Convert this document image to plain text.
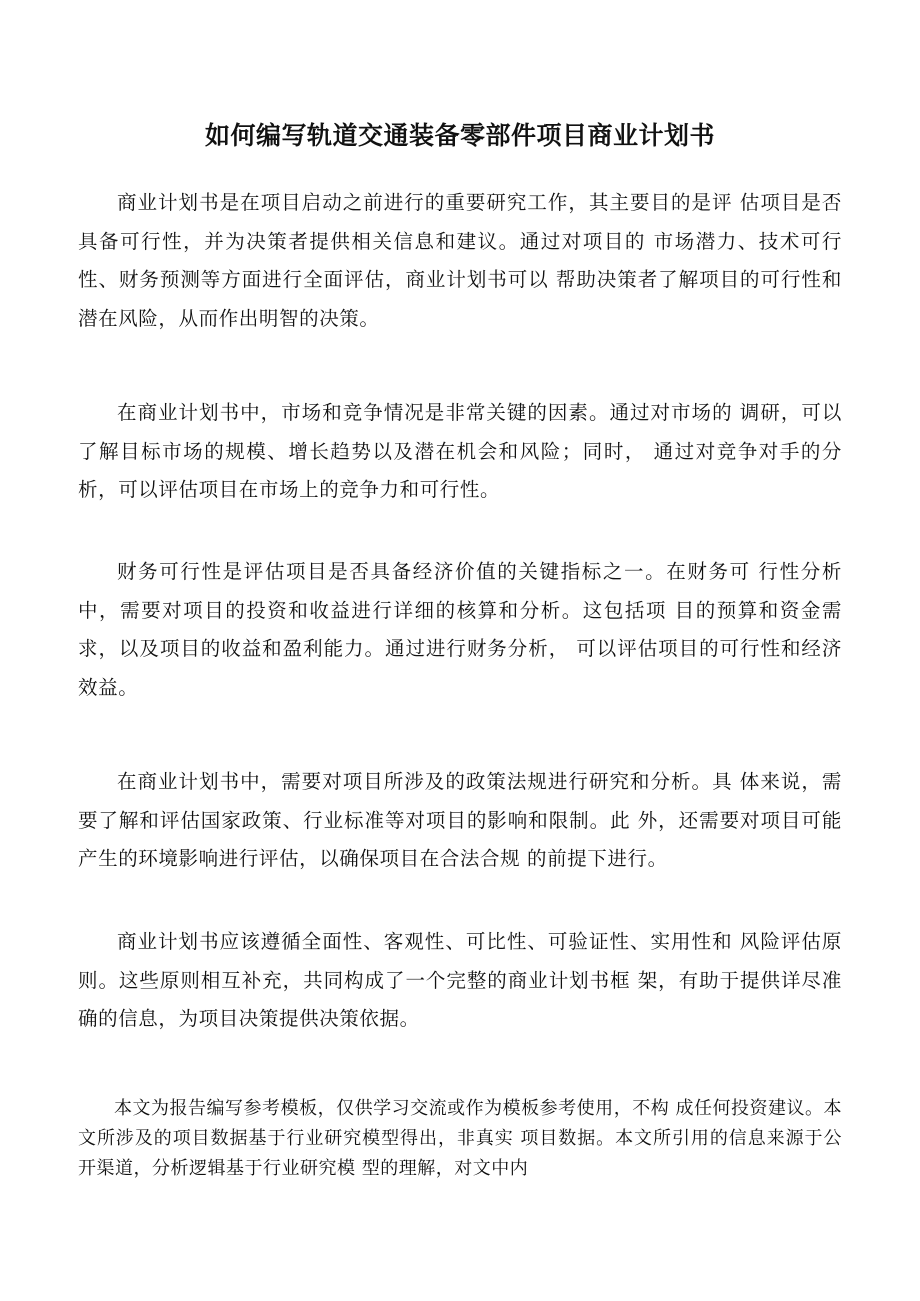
如何编写轨道交通装备零部件项目商业计划书

商业计划书是在项目启动之前进行的重要研究工作，其主要目的是评 估项目是否具备可行性，并为决策者提供相关信息和建议。通过对项目的 市场潜力、技术可行性、财务预测等方面进行全面评估，商业计划书可以 帮助决策者了解项目的可行性和潜在风险，从而作出明智的决策。

在商业计划书中，市场和竞争情况是非常关键的因素。通过对市场的 调研，可以了解目标市场的规模、增长趋势以及潜在机会和风险；同时， 通过对竞争对手的分析，可以评估项目在市场上的竞争力和可行性。

财务可行性是评估项目是否具备经济价值的关键指标之一。在财务可 行性分析中，需要对项目的投资和收益进行详细的核算和分析。这包括项 目的预算和资金需求，以及项目的收益和盈利能力。通过进行财务分析， 可以评估项目的可行性和经济效益。

在商业计划书中，需要对项目所涉及的政策法规进行研究和分析。具 体来说，需要了解和评估国家政策、行业标准等对项目的影响和限制。此 外，还需要对项目可能产生的环境影响进行评估，以确保项目在合法合规 的前提下进行。

商业计划书应该遵循全面性、客观性、可比性、可验证性、实用性和 风险评估原则。这些原则相互补充，共同构成了一个完整的商业计划书框 架，有助于提供详尽准确的信息，为项目决策提供决策依据。

本文为报告编写参考模板，仅供学习交流或作为模板参考使用，不构 成任何投资建议。本文所涉及的项目数据基于行业研究模型得出，非真实 项目数据。本文所引用的信息来源于公开渠道，分析逻辑基于行业研究模 型的理解，对文中内
